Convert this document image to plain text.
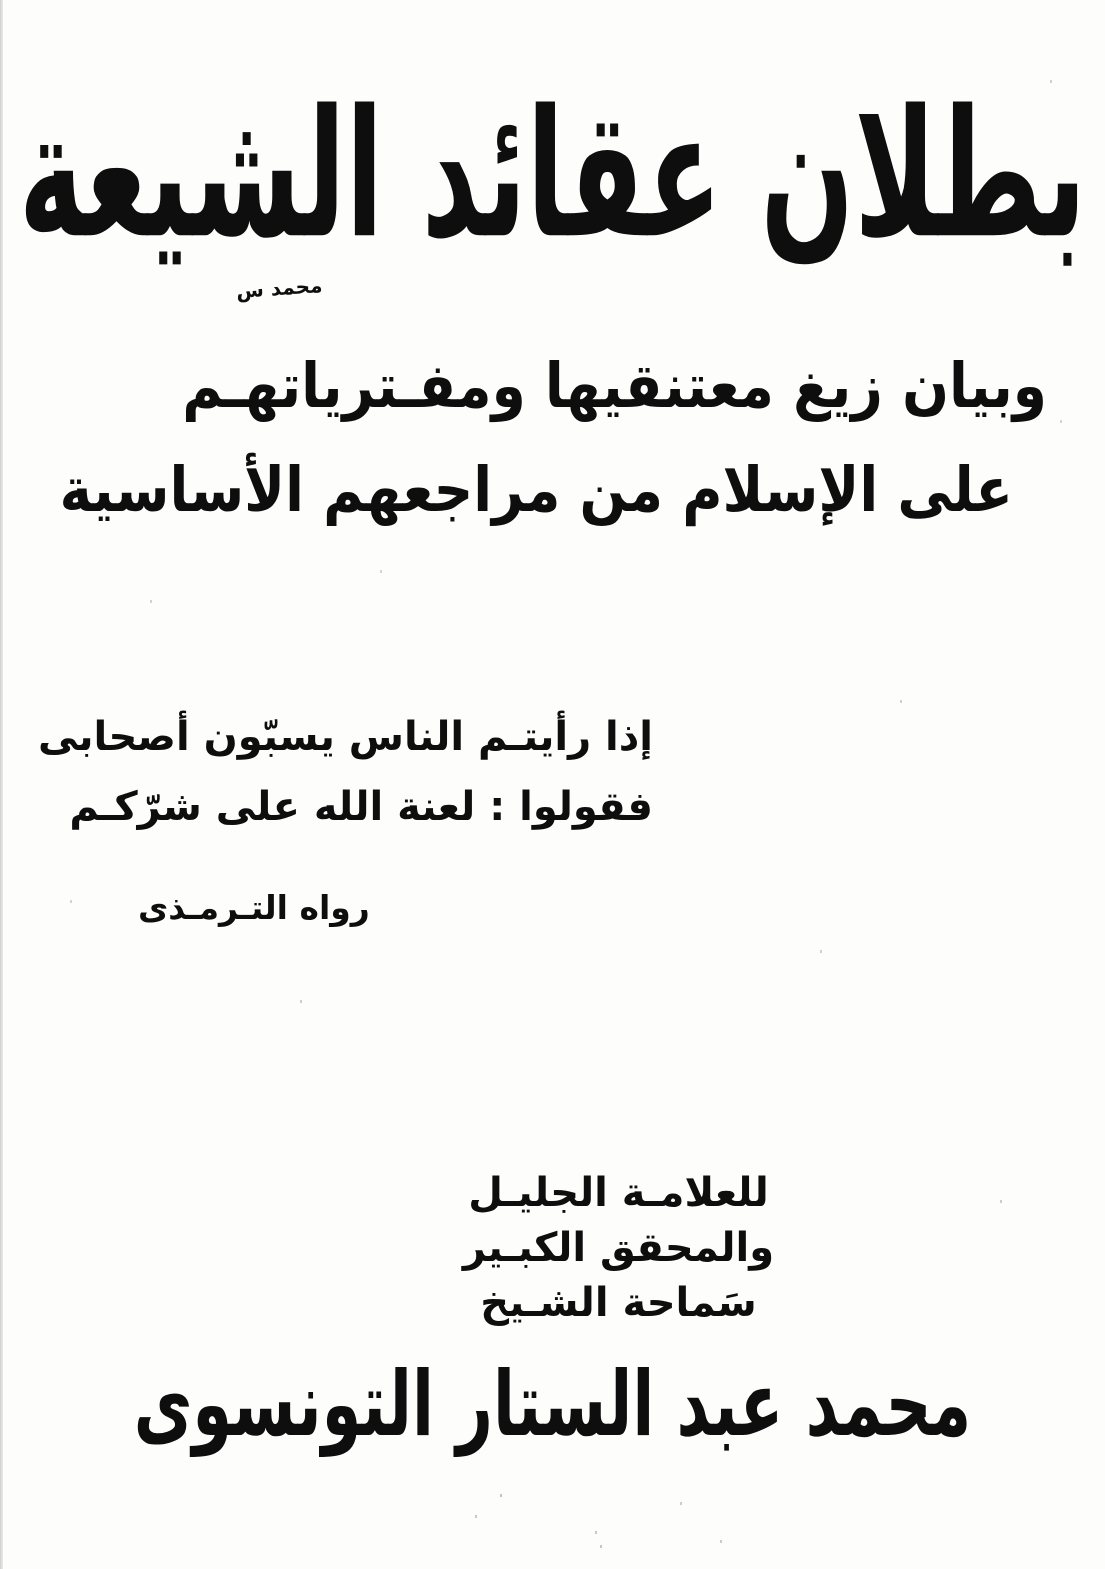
بطلان عقائد الشيعة
محمد س
وبيان زيغ معتنقيها ومفـترياتهـم
على الإسلام من مراجعهم الأساسية
إذا رأيتـم الناس يسبّون أصحابى
فقولوا : لعنة الله على شرّكـم
رواه التـرمـذى
للعلامـة الجليـل
والمحقق الكبـير
سَماحة الشـيخ
محمد عبد الستار التونسوى
